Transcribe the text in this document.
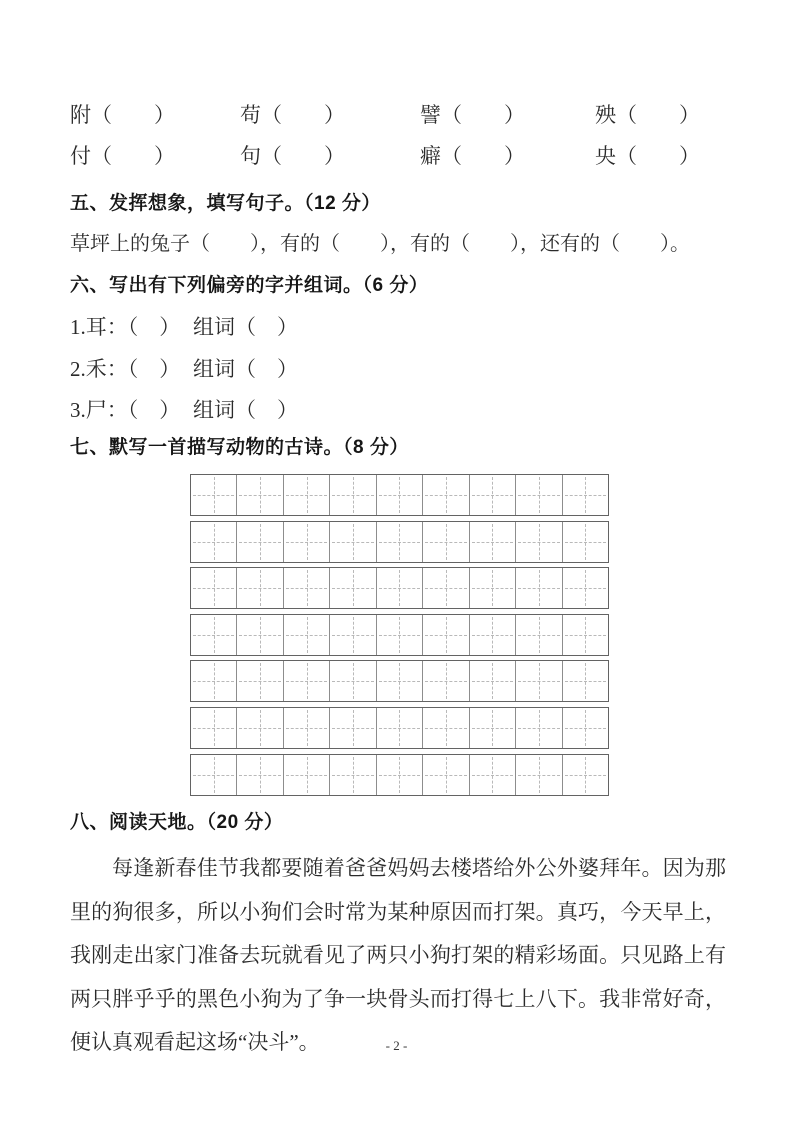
附（　　）	苟（　　）	譬（　　）	殃（　　）
付（　　）	句（　　）	癖（　　）	央（　　）
五、发挥想象，填写句子。（12 分）
草坪上的兔子（　　），有的（　　），有的（　　），还有的（　　）。
六、写出有下列偏旁的字并组词。（6 分）
1.耳：（　） 组词（　）
2.禾：（　） 组词（　）
3.尸：（　） 组词（　）
七、默写一首描写动物的古诗。（8 分）
八、阅读天地。（20 分）
每逢新春佳节我都要随着爸爸妈妈去楼塔给外公外婆拜年。因为那里的狗很多，所以小狗们会时常为某种原因而打架。真巧，今天早上，我刚走出家门准备去玩就看见了两只小狗打架的精彩场面。只见路上有两只胖乎乎的黑色小狗为了争一块骨头而打得七上八下。我非常好奇，便认真观看起这场“决斗”。	- 2 -
